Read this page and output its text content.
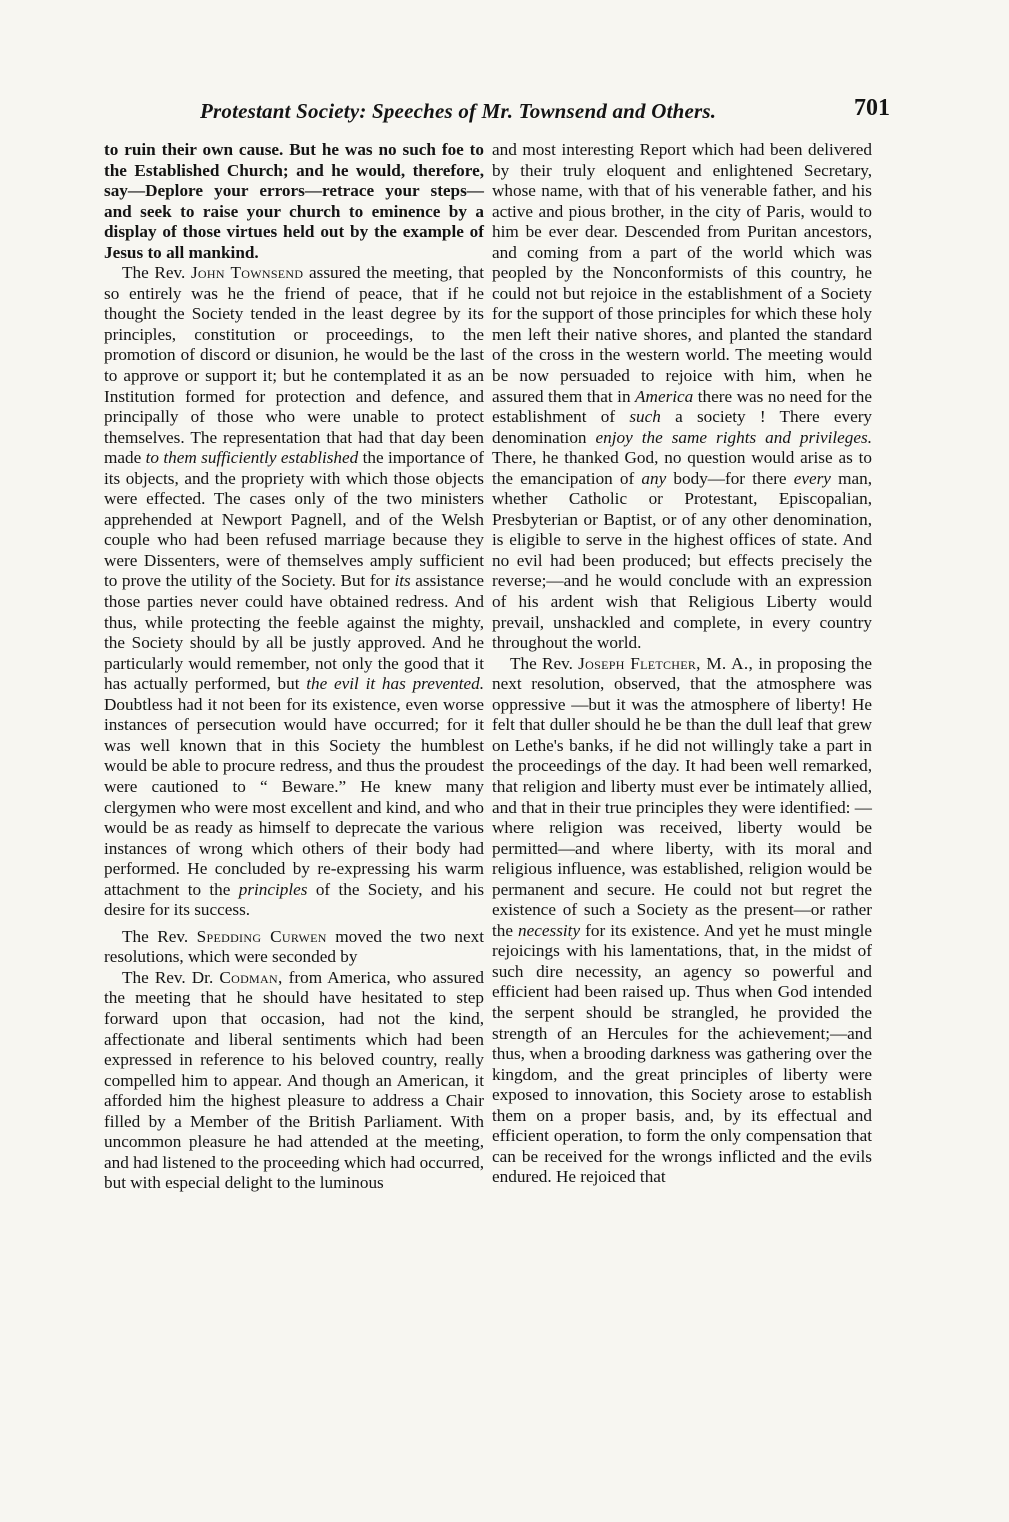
Protestant Society: Speeches of Mr. Townsend and Others.	701

to ruin their own cause. But he was no such foe to the Established Church; and he would, therefore, say—Deplore your errors—retrace your steps—and seek to raise your church to eminence by a display of those virtues held out by the example of Jesus to all mankind.

The Rev. John Townsend assured the meeting, that so entirely was he the friend of peace, that if he thought the Society tended in the least degree by its principles, constitution or proceedings, to the promotion of discord or disunion, he would be the last to approve or support it; but he contemplated it as an Institution formed for protection and defence, and principally of those who were unable to protect themselves. The representation that had that day been made to them sufficiently established the importance of its objects, and the propriety with which those objects were effected. The cases only of the two ministers apprehended at Newport Pagnell, and of the Welsh couple who had been refused marriage because they were Dissenters, were of themselves amply sufficient to prove the utility of the Society. But for its assistance those parties never could have obtained redress. And thus, while protecting the feeble against the mighty, the Society should by all be justly approved. And he particularly would remember, not only the good that it has actually performed, but the evil it has prevented. Doubtless had it not been for its existence, even worse instances of persecution would have occurred; for it was well known that in this Society the humblest would be able to procure redress, and thus the proudest were cautioned to “ Beware.” He knew many clergymen who were most excellent and kind, and who would be as ready as himself to deprecate the various instances of wrong which others of their body had performed. He concluded by re-expressing his warm attachment to the principles of the Society, and his desire for its success.

The Rev. Spedding Curwen moved the two next resolutions, which were seconded by

The Rev. Dr. Codman, from America, who assured the meeting that he should have hesitated to step forward upon that occasion, had not the kind, affectionate and liberal sentiments which had been expressed in reference to his beloved country, really compelled him to appear. And though an American, it afforded him the highest pleasure to address a Chair filled by a Member of the British Parliament. With uncommon pleasure he had attended at the meeting, and had listened to the proceeding which had occurred, but with especial delight to the luminous

and most interesting Report which had been delivered by their truly eloquent and enlightened Secretary, whose name, with that of his venerable father, and his active and pious brother, in the city of Paris, would to him be ever dear. Descended from Puritan ancestors, and coming from a part of the world which was peopled by the Nonconformists of this country, he could not but rejoice in the establishment of a Society for the support of those principles for which these holy men left their native shores, and planted the standard of the cross in the western world. The meeting would be now persuaded to rejoice with him, when he assured them that in America there was no need for the establishment of such a society ! There every denomination enjoy the same rights and privileges. There, he thanked God, no question would arise as to the emancipation of any body—for there every man, whether Catholic or Protestant, Episcopalian, Presbyterian or Baptist, or of any other denomination, is eligible to serve in the highest offices of state. And no evil had been produced; but effects precisely the reverse;—and he would conclude with an expression of his ardent wish that Religious Liberty would prevail, unshackled and complete, in every country throughout the world.

The Rev. Joseph Fletcher, M. A., in proposing the next resolution, observed, that the atmosphere was oppressive —but it was the atmosphere of liberty! He felt that duller should he be than the dull leaf that grew on Lethe's banks, if he did not willingly take a part in the proceedings of the day. It had been well remarked, that religion and liberty must ever be intimately allied, and that in their true principles they were identified: —where religion was received, liberty would be permitted—and where liberty, with its moral and religious influence, was established, religion would be permanent and secure. He could not but regret the existence of such a Society as the present—or rather the necessity for its existence. And yet he must mingle rejoicings with his lamentations, that, in the midst of such dire necessity, an agency so powerful and efficient had been raised up. Thus when God intended the serpent should be strangled, he provided the strength of an Hercules for the achievement;—and thus, when a brooding darkness was gathering over the kingdom, and the great principles of liberty were exposed to innovation, this Society arose to establish them on a proper basis, and, by its effectual and efficient operation, to form the only compensation that can be received for the wrongs inflicted and the evils endured. He rejoiced that
